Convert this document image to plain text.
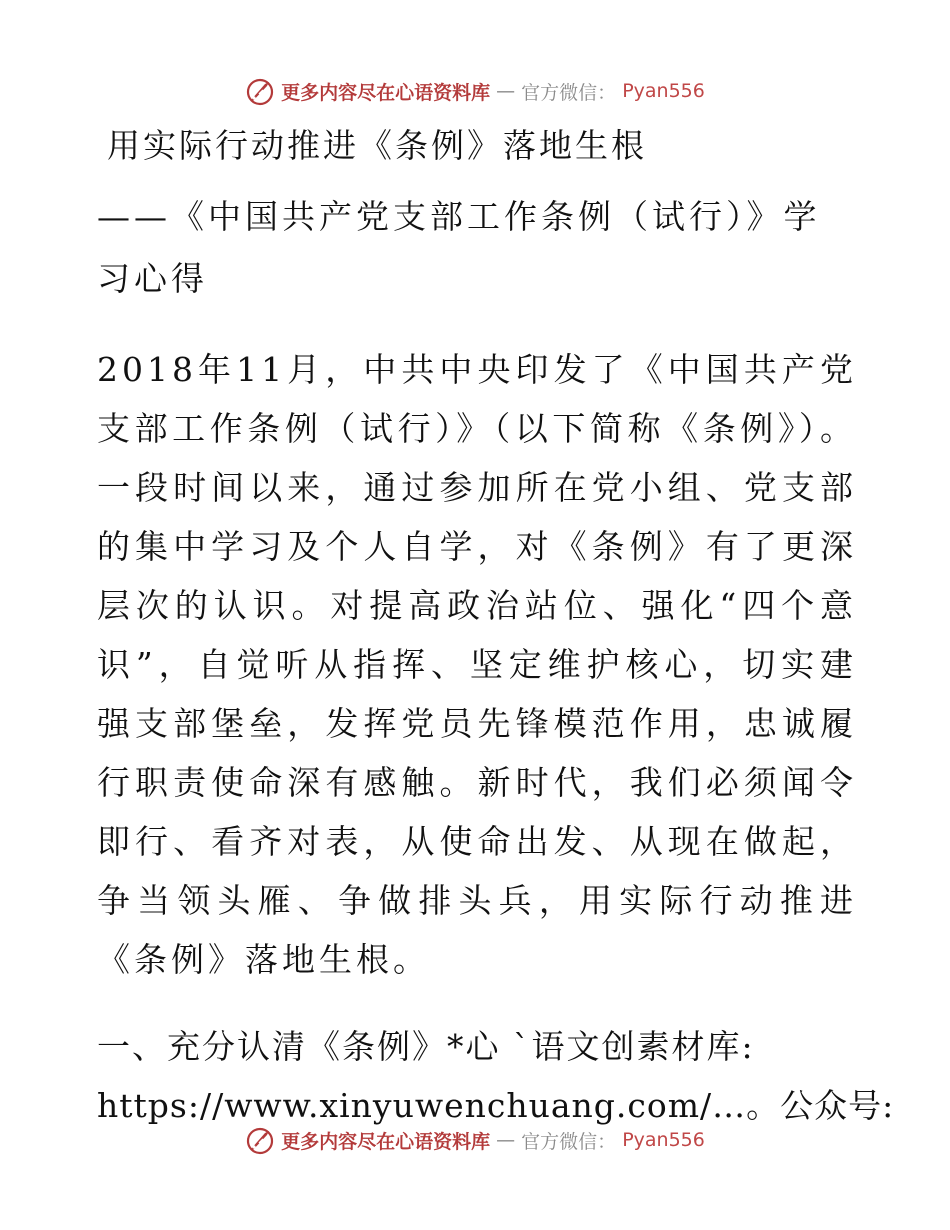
更多内容尽在心语资料库 — 官方微信： Pyan556
用实际行动推进《条例》落地生根
——《中国共产党支部工作条例（试行）》学习心得

2018年11月，中共中央印发了《中国共产党支部工作条例（试行）》（以下简称《条例》）。一段时间以来，通过参加所在党小组、党支部的集中学习及个人自学，对《条例》有了更深层次的认识。对提高政治站位、强化“四个意识”，自觉听从指挥、坚定维护核心，切实建强支部堡垒，发挥党员先锋模范作用，忠诚履行职责使命深有感触。新时代，我们必须闻令即行、看齐对表，从使命出发、从现在做起，争当领头雁、争做排头兵，用实际行动推进《条例》落地生根。

一、充分认清《条例》*心 `语文创素材库:

https://www.xinyuwenchuang.com/…。公众号:

更多内容尽在心语资料库 — 官方微信： Pyan556
